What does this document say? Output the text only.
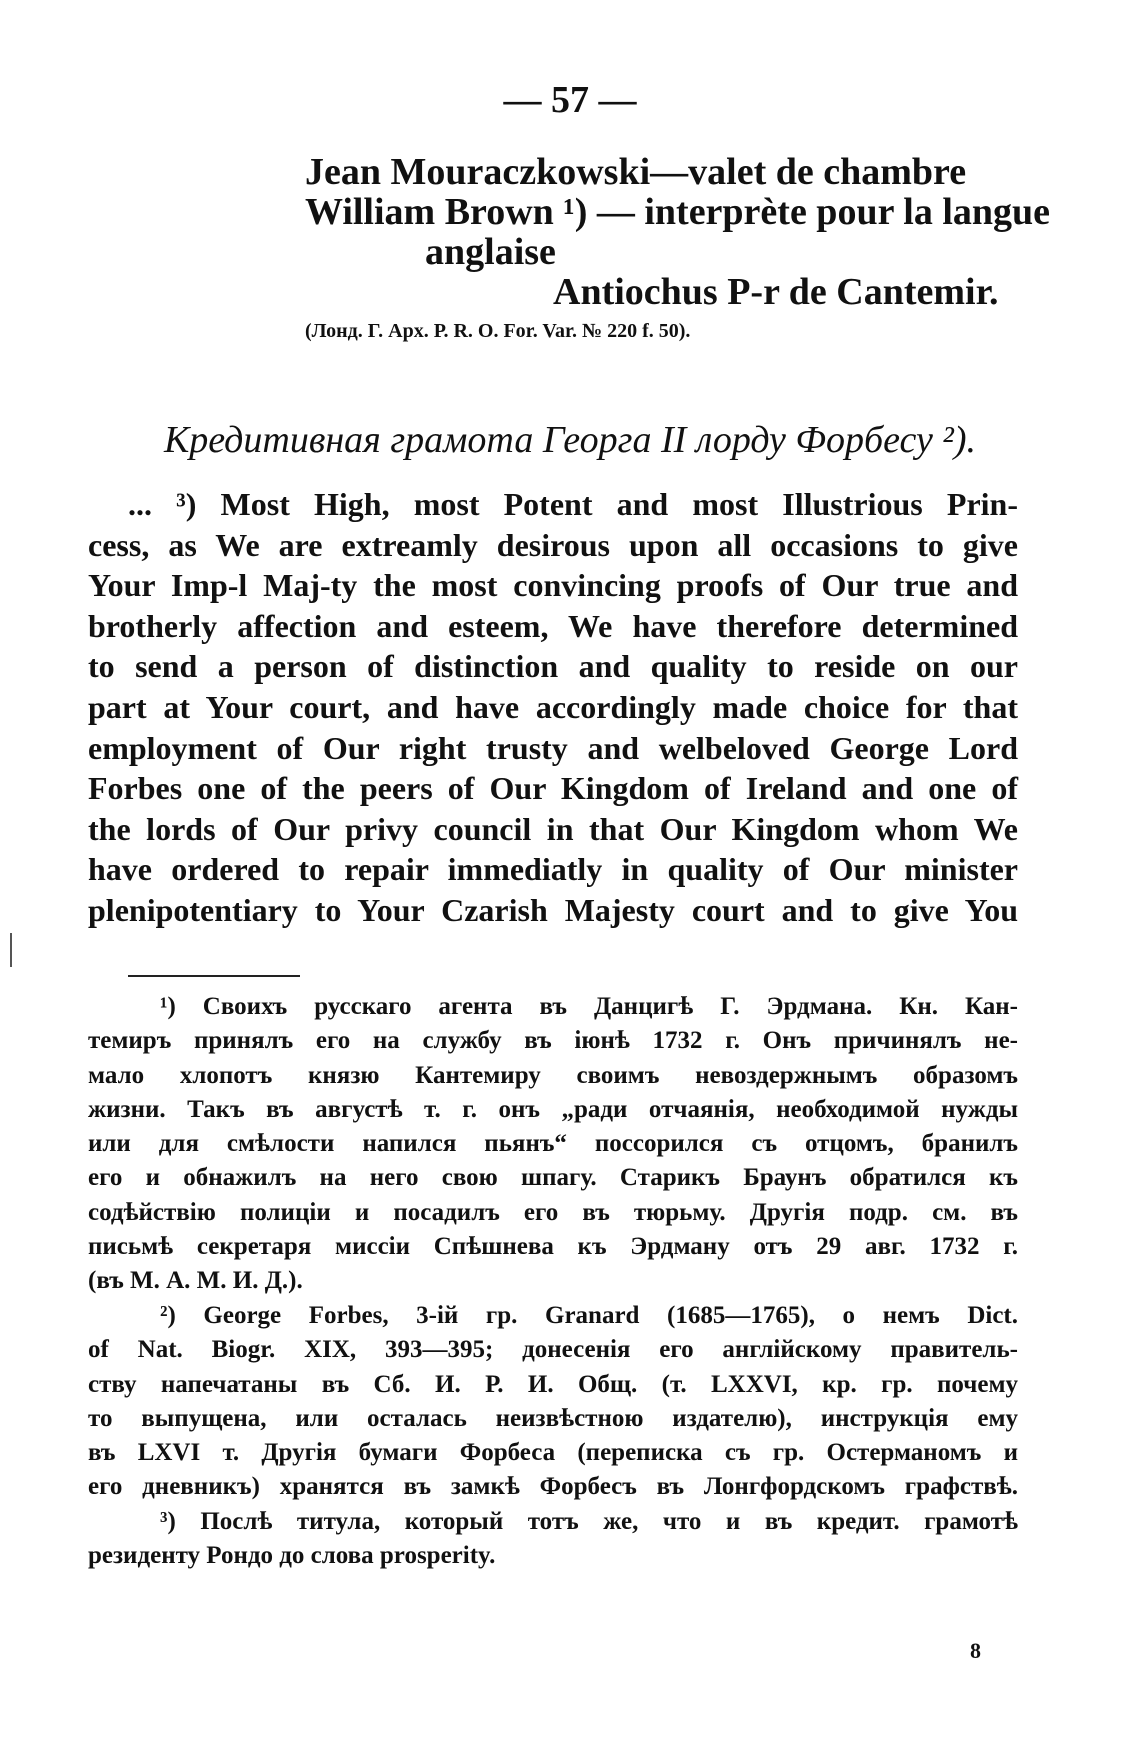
— 57 —
Jean Mouraczkowski—valet de chambre
William Brown ¹) — interprète pour la langue
anglaise
Antiochus P-r de Cantemir.
(Лонд. Г. Арх. Р. R. O. For. Var. № 220 f. 50).
Кредитивная грамота Георга II лорду Форбесу ²).
... ³) Most High, most Potent and most Illustrious Prin-
cess, as We are extreamly desirous upon all occasions to give
Your Imp-l Maj-ty the most convincing proofs of Our true and
brotherly affection and esteem, We have therefore determined
to send a person of distinction and quality to reside on our
part at Your court, and have accordingly made choice for that
employment of Our right trusty and welbeloved George Lord
Forbes one of the peers of Our Kingdom of Ireland and one of
the lords of Our privy council in that Our Kingdom whom We
have ordered to repair immediatly in quality of Our minister
plenipotentiary to Your Czarish Majesty court and to give You
¹) Своихъ русскаго агента въ Данцигѣ Г. Эрдмана. Кн. Кан-
темиръ принялъ его на службу въ іюнѣ 1732 г. Онъ причинялъ не-
мало хлопотъ князю Кантемиру своимъ невоздержнымъ образомъ
жизни. Такъ въ августѣ т. г. онъ „ради отчаянія, необходимой нужды
или для смѣлости напился пьянъ“ поссорился съ отцомъ, бранилъ
его и обнажилъ на него свою шпагу. Старикъ Браунъ обратился къ
содѣйствію полиціи и посадилъ его въ тюрьму. Другія подр. см. въ
письмѣ секретаря миссіи Спѣшнева къ Эрдману отъ 29 авг. 1732 г.
(въ М. А. М. И. Д.).
²) George Forbes, 3-ій гр. Granard (1685—1765), о немъ Dict.
of Nat. Biogr. XIX, 393—395; донесенія его англійскому правитель-
ству напечатаны въ Сб. И. Р. И. Общ. (т. LXXVI, кр. гр. почему
то выпущена, или осталась неизвѣстною издателю), инструкція ему
въ LXVI т. Другія бумаги Форбеса (переписка съ гр. Остерманомъ и
его дневникъ) хранятся въ замкѣ Форбесъ въ Лонгфордскомъ графствѣ.
³) Послѣ титула, который тотъ же, что и въ кредит. грамотѣ
резиденту Рондо до слова prosperity.
8
